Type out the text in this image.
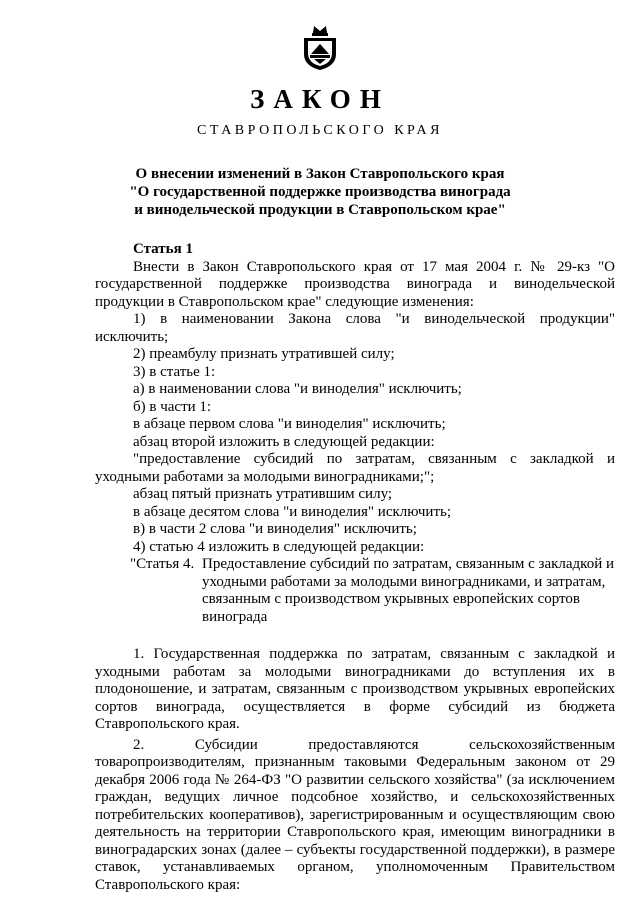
ЗАКОН
СТАВРОПОЛЬСКОГО КРАЯ
О внесении изменений в Закон Ставропольского края
"О государственной поддержке производства винограда
и винодельческой продукции в Ставропольском крае"

Статья 1

Внести в Закон Ставропольского края от 17 мая 2004 г. № 29-кз "О государственной поддержке производства винограда и винодельческой продукции в Ставропольском крае" следующие изменения:

1) в наименовании Закона слова "и винодельческой продукции" исключить;

2) преамбулу признать утратившей силу;

3) в статье 1:

а) в наименовании слова "и виноделия" исключить;

б) в части 1:

в абзаце первом слова "и виноделия" исключить;

абзац второй изложить в следующей редакции:

"предоставление субсидий по затратам, связанным с закладкой и уходными работами за молодыми виноградниками;";

абзац пятый признать утратившим силу;

в абзаце десятом слова "и виноделия" исключить;

в) в части 2 слова "и виноделия" исключить;

4) статью 4 изложить в следующей редакции:

"Статья 4. Предоставление субсидий по затратам, связанным с закладкой и уходными работами за молодыми виноградниками, и затратам, связанным с производством укрывных европейских сортов винограда

1. Государственная поддержка по затратам, связанным с закладкой и уходными работам за молодыми виноградниками до вступления их в плодоношение, и затратам, связанным с производством укрывных европейских сортов винограда, осуществляется в форме субсидий из бюджета Ставропольского края.

2. Субсидии предоставляются сельскохозяйственным товаропроизводителям, признанным таковыми Федеральным законом от 29 декабря 2006 года № 264-ФЗ "О развитии сельского хозяйства" (за исключением граждан, ведущих личное подсобное хозяйство, и сельскохозяйственных потребительских кооперативов), зарегистрированным и осуществляющим свою деятельность на территории Ставропольского края, имеющим виноградники в виноградарских зонах (далее – субъекты государственной поддержки), в размере ставок, устанавливаемых органом, уполномоченным Правительством Ставропольского края:
